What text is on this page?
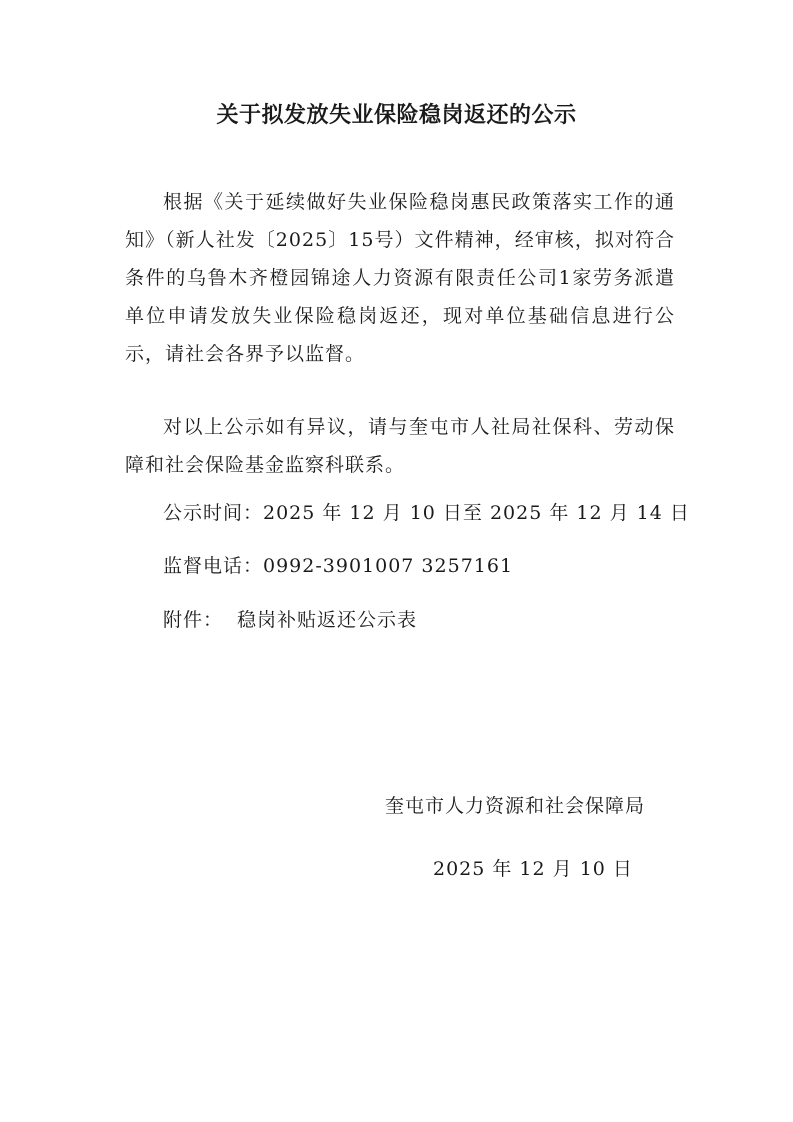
关于拟发放失业保险稳岗返还的公示
根据《关于延续做好失业保险稳岗惠民政策落实工作的通知》（新人社发〔2025〕15号）文件精神，经审核，拟对符合条件的乌鲁木齐橙园锦途人力资源有限责任公司1家劳务派遣单位申请发放失业保险稳岗返还，现对单位基础信息进行公示，请社会各界予以监督。
对以上公示如有异议，请与奎屯市人社局社保科、劳动保障和社会保险基金监察科联系。
公示时间：2025 年 12 月 10 日至 2025 年 12 月 14 日
监督电话：0992-3901007 3257161
附件： 稳岗补贴返还公示表
奎屯市人力资源和社会保障局
2025 年 12 月 10 日
